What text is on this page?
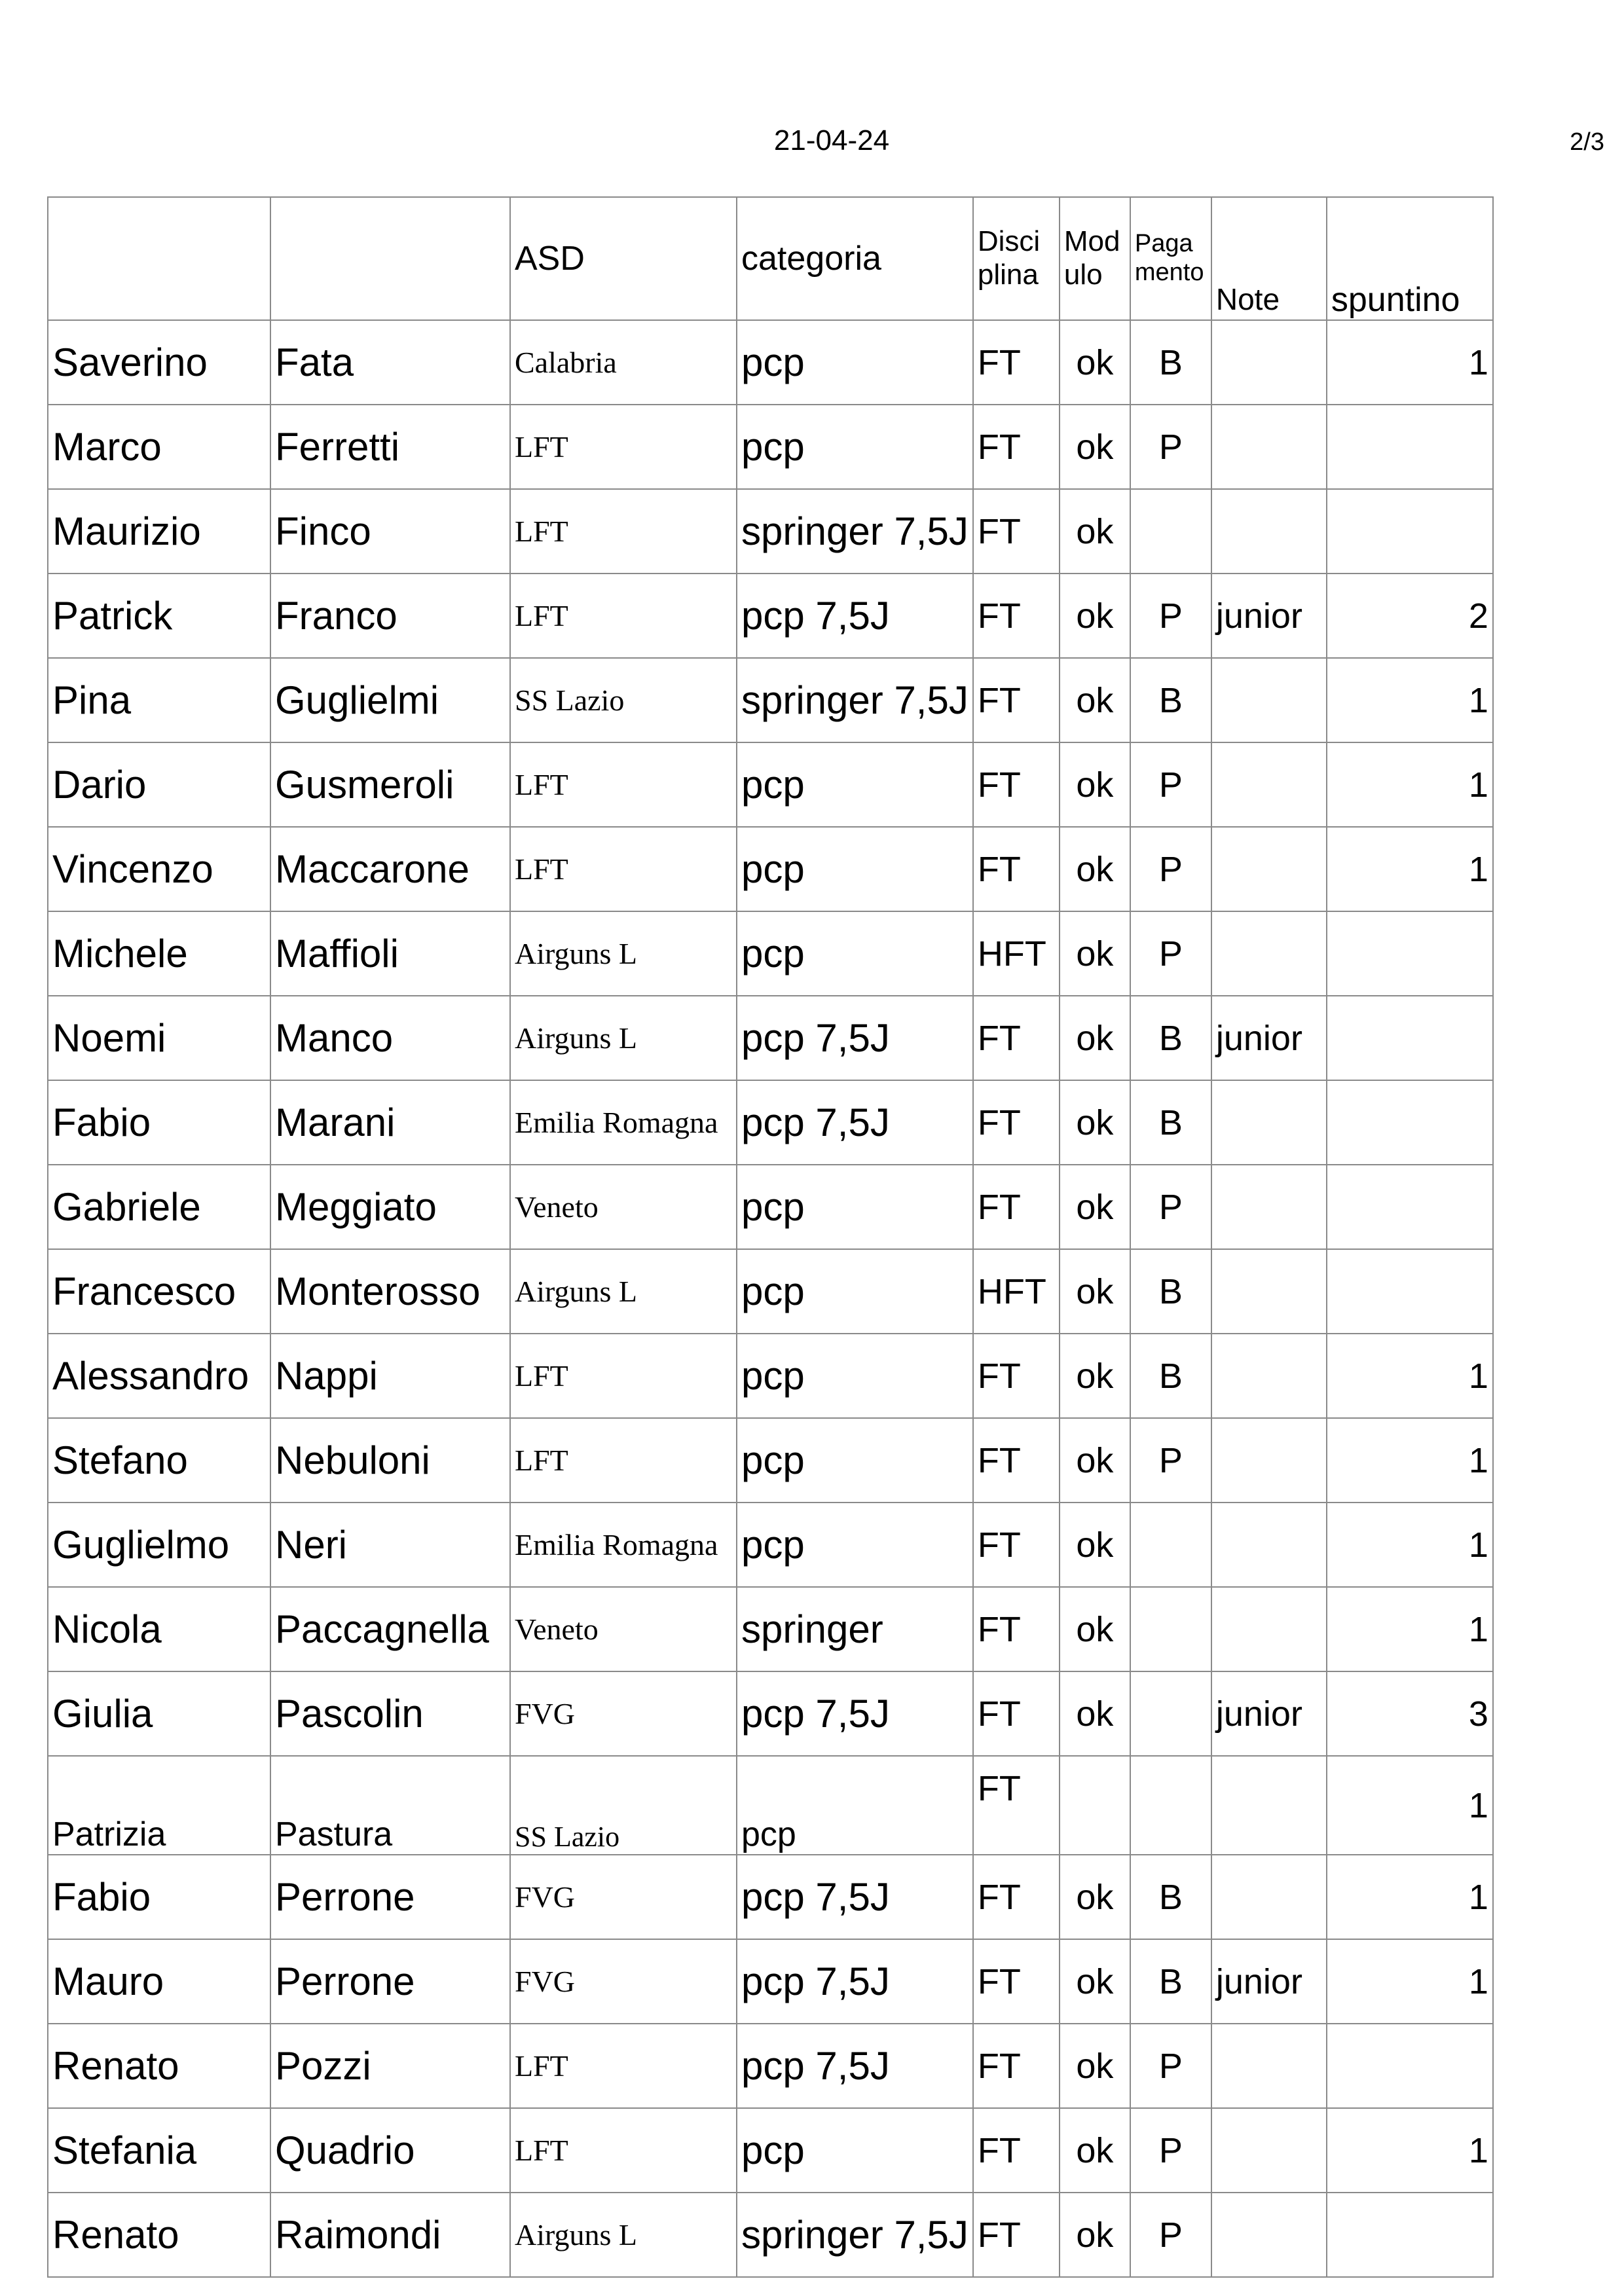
21-04-24	2/3
		ASD	categoria	Disci plina	Mod ulo	Paga mento	Note	spuntino
Saverino	Fata	Calabria	pcp	FT	ok	B		1
Marco	Ferretti	LFT	pcp	FT	ok	P		
Maurizio	Finco	LFT	springer 7,5J	FT	ok			
Patrick	Franco	LFT	pcp 7,5J	FT	ok	P	junior	2
Pina	Guglielmi	SS Lazio	springer 7,5J	FT	ok	B		1
Dario	Gusmeroli	LFT	pcp	FT	ok	P		1
Vincenzo	Maccarone	LFT	pcp	FT	ok	P		1
Michele	Maffioli	Airguns L	pcp	HFT	ok	P		
Noemi	Manco	Airguns L	pcp 7,5J	FT	ok	B	junior	
Fabio	Marani	Emilia Romagna	pcp 7,5J	FT	ok	B		
Gabriele	Meggiato	Veneto	pcp	FT	ok	P		
Francesco	Monterosso	Airguns L	pcp	HFT	ok	B		
Alessandro	Nappi	LFT	pcp	FT	ok	B		1
Stefano	Nebuloni	LFT	pcp	FT	ok	P		1
Guglielmo	Neri	Emilia Romagna	pcp	FT	ok			1
Nicola	Paccagnella	Veneto	springer	FT	ok			1
Giulia	Pascolin	FVG	pcp 7,5J	FT	ok		junior	3
Patrizia	Pastura	SS Lazio	pcp	FT				1
Fabio	Perrone	FVG	pcp 7,5J	FT	ok	B		1
Mauro	Perrone	FVG	pcp 7,5J	FT	ok	B	junior	1
Renato	Pozzi	LFT	pcp 7,5J	FT	ok	P		
Stefania	Quadrio	LFT	pcp	FT	ok	P		1
Renato	Raimondi	Airguns L	springer 7,5J	FT	ok	P		
